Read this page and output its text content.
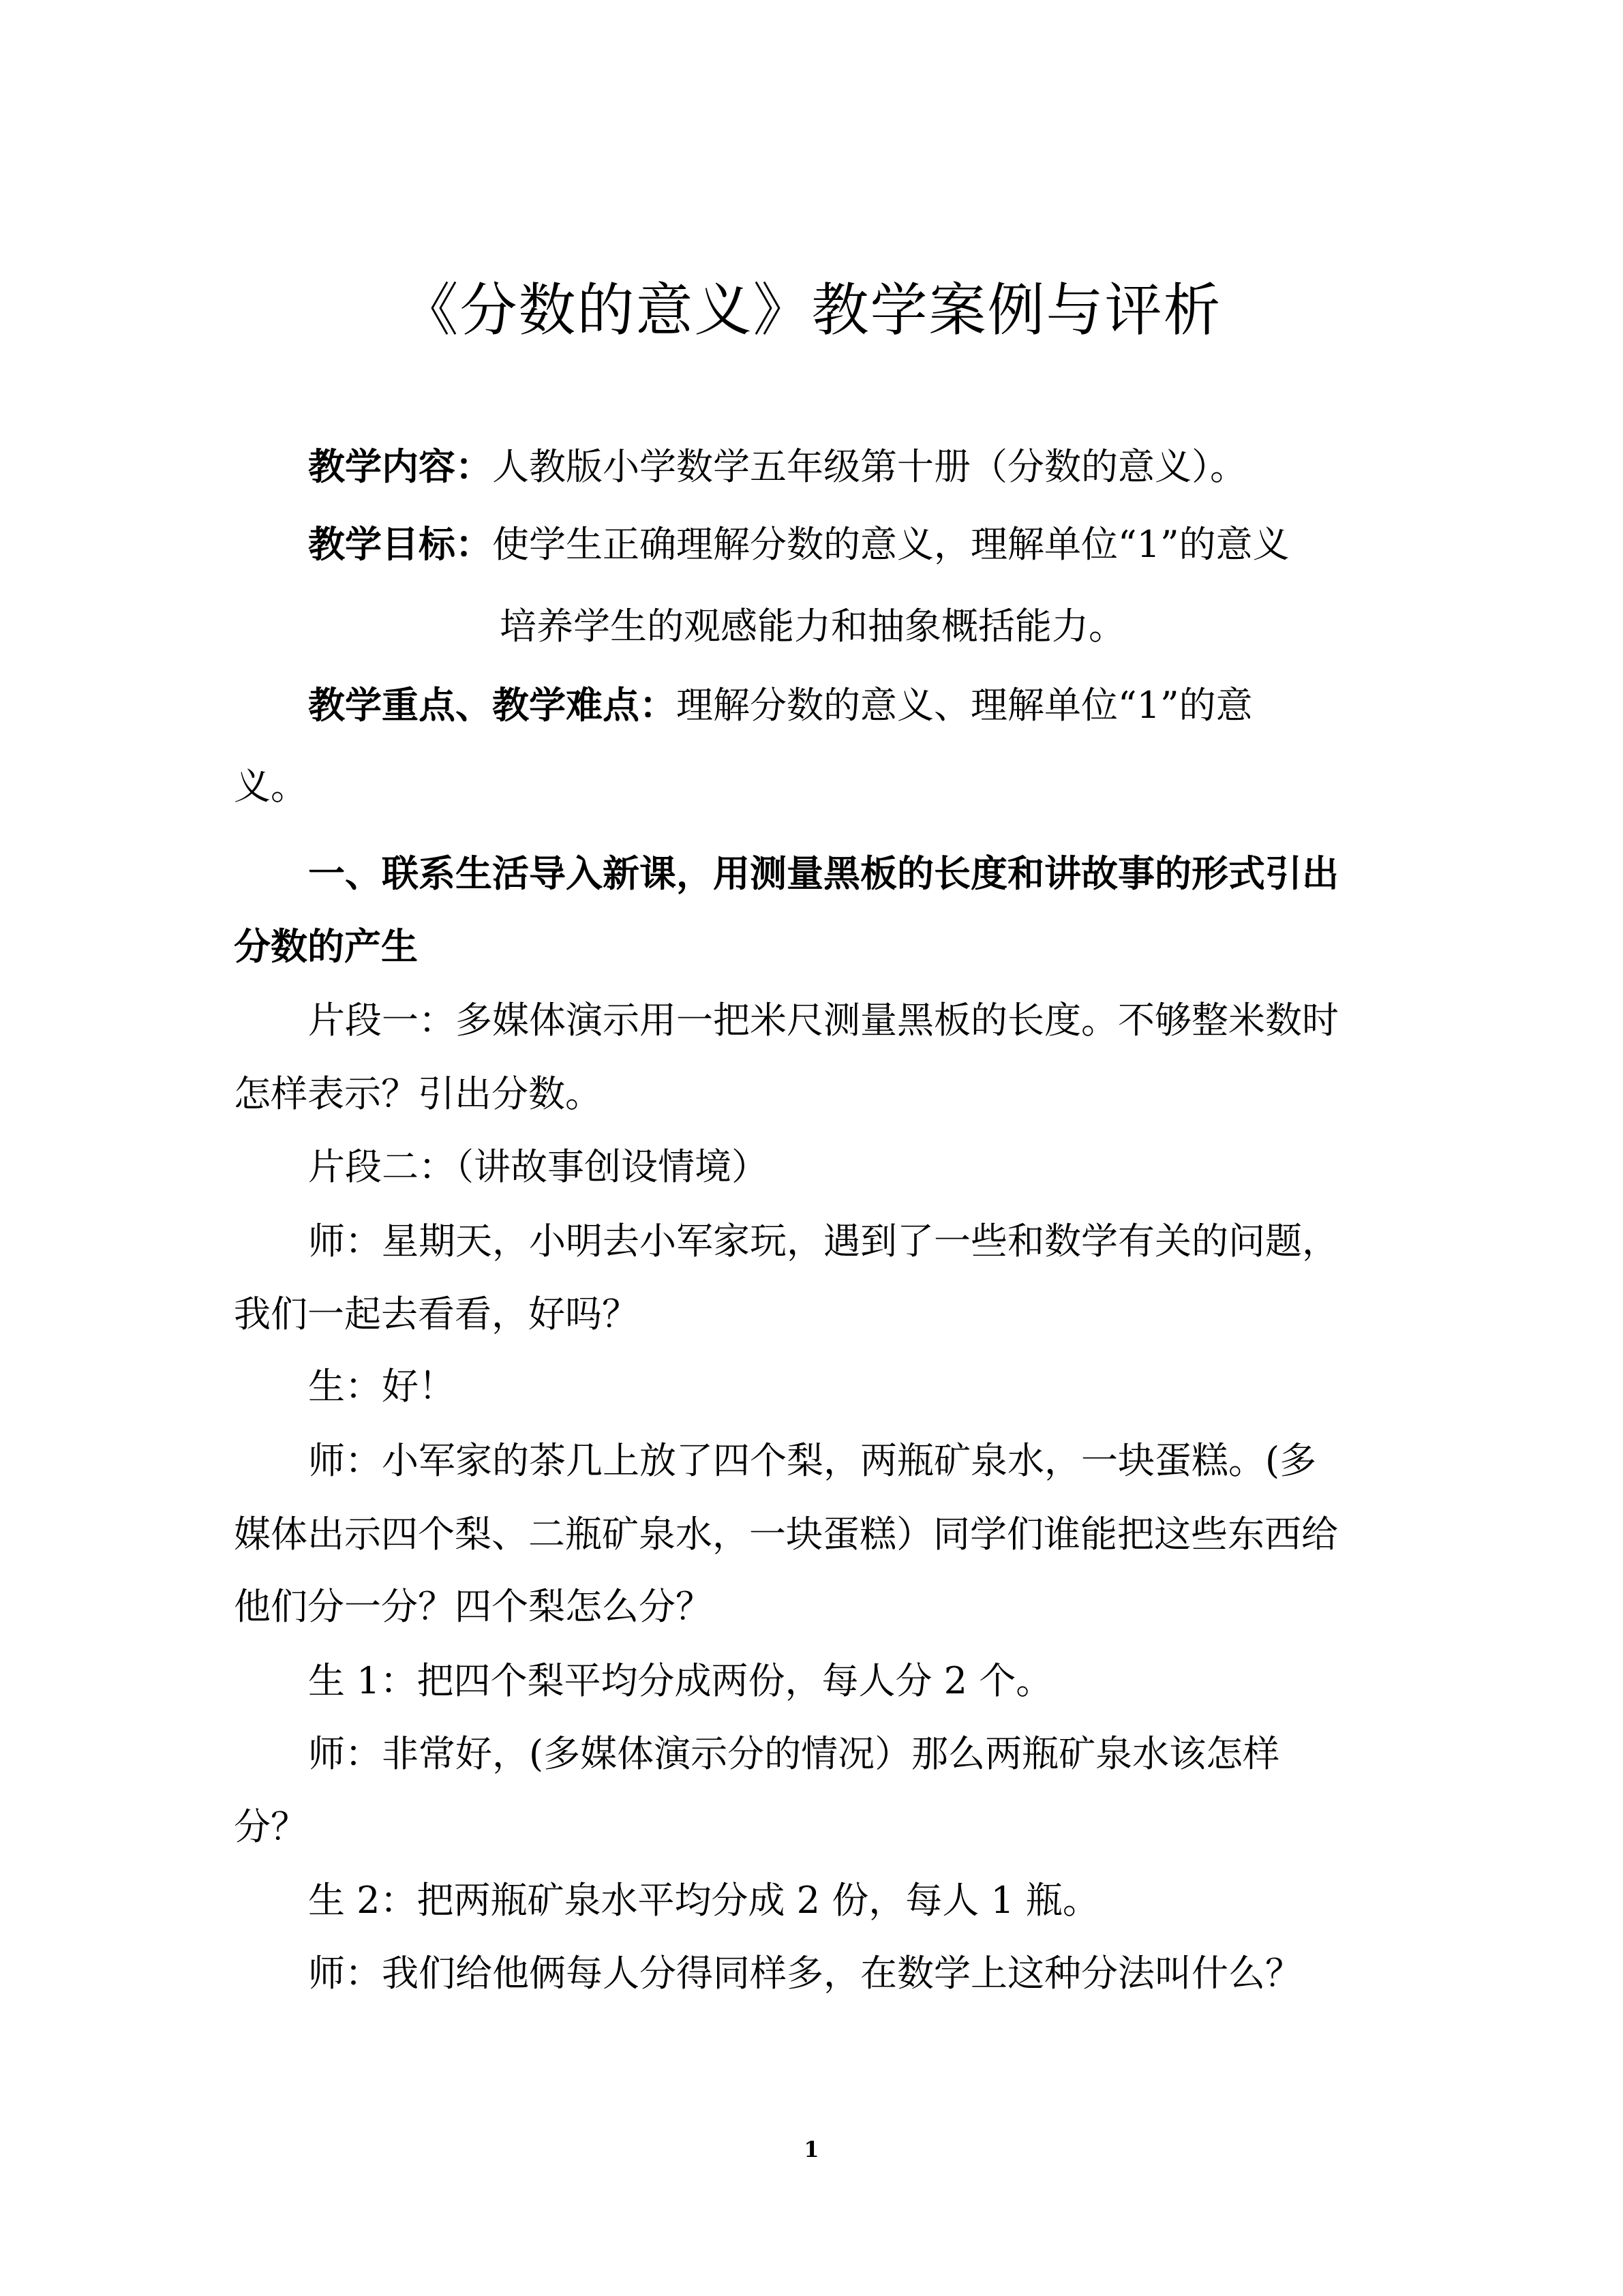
《分数的意义》教学案例与评析
教学内容：人教版小学数学五年级第十册（分数的意义）。
教学目标：使学生正确理解分数的意义，理解单位“1”的意义
培养学生的观感能力和抽象概括能力。
教学重点、教学难点：理解分数的意义、理解单位“1”的意
义。
一、联系生活导入新课，用测量黑板的长度和讲故事的形式引出
分数的产生
片段一：多媒体演示用一把米尺测量黑板的长度。不够整米数时
怎样表示？引出分数。
片段二：（讲故事创设情境）
师：星期天，小明去小军家玩，遇到了一些和数学有关的问题，
我们一起去看看，好吗？
生：好！
师：小军家的茶几上放了四个梨，两瓶矿泉水，一块蛋糕。(多
媒体出示四个梨、二瓶矿泉水，一块蛋糕）同学们谁能把这些东西给
他们分一分？四个梨怎么分？
生 1：把四个梨平均分成两份，每人分 2 个。
师：非常好，(多媒体演示分的情况）那么两瓶矿泉水该怎样
分？
生 2：把两瓶矿泉水平均分成 2 份，每人 1 瓶。
师：我们给他俩每人分得同样多，在数学上这种分法叫什么？
1
